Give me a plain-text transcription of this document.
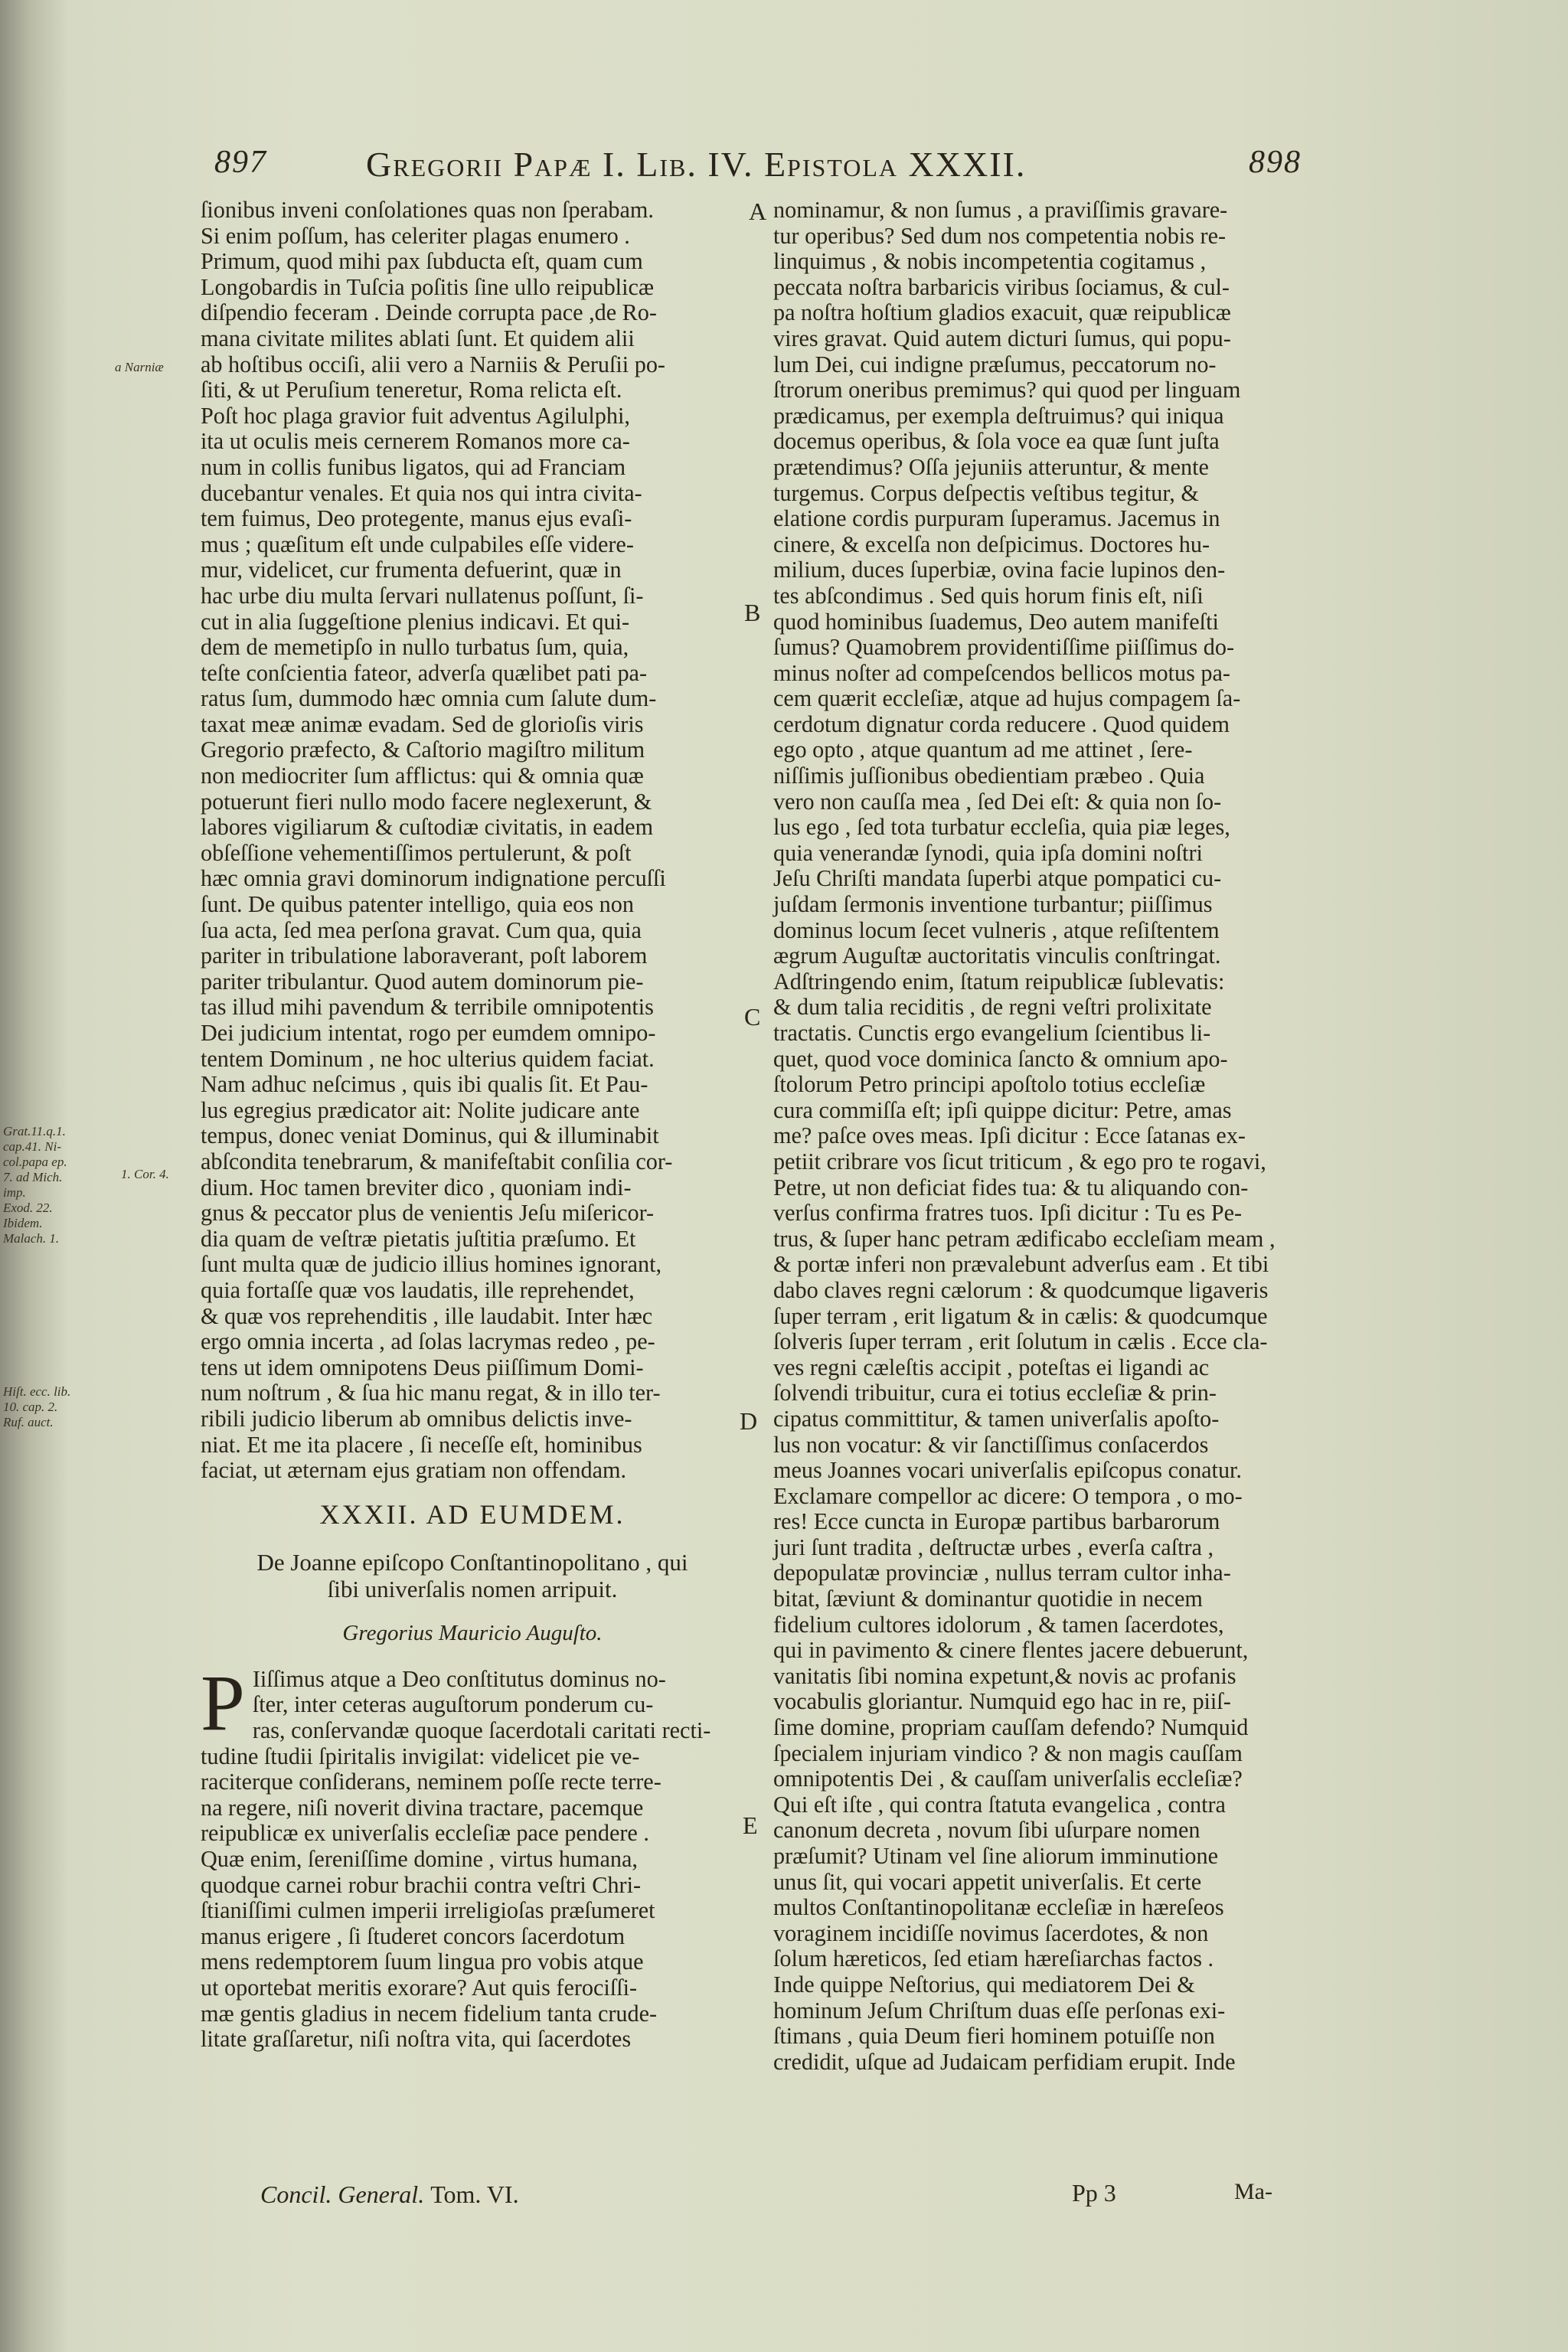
897	Gregorii Papæ I. Lib. IV. Epistola XXXII.	898
ſionibus inveni conſolationes quas non ſperabam.
Si enim poſſum, has celeriter plagas enumero .
Primum, quod mihi pax ſubducta eſt, quam cum
Longobardis in Tuſcia poſitis ſine ullo reipublicæ
diſpendio feceram . Deinde corrupta pace ,de Ro-
mana civitate milites ablati ſunt. Et quidem alii
ab hoſtibus occiſi, alii vero a Narniis & Peruſii po-
ſiti, & ut Peruſium teneretur, Roma relicta eſt.
Poſt hoc plaga gravior fuit adventus Agilulphi,
ita ut oculis meis cernerem Romanos more ca-
num in collis funibus ligatos, qui ad Franciam
ducebantur venales. Et quia nos qui intra civita-
tem fuimus, Deo protegente, manus ejus evaſi-
mus ; quæſitum eſt unde culpabiles eſſe videre-
mur, videlicet, cur frumenta defuerint, quæ in
hac urbe diu multa ſervari nullatenus poſſunt, ſi-
cut in alia ſuggeſtione plenius indicavi. Et qui-
dem de memetipſo in nullo turbatus ſum, quia,
teſte conſcientia fateor, adverſa quælibet pati pa-
ratus ſum, dummodo hæc omnia cum ſalute dum-
taxat meæ animæ evadam. Sed de glorioſis viris
Gregorio præfecto, & Caſtorio magiſtro militum
non mediocriter ſum afflictus: qui & omnia quæ
potuerunt fieri nullo modo facere neglexerunt, &
labores vigiliarum & cuſtodiæ civitatis, in eadem
obſeſſione vehementiſſimos pertulerunt, & poſt
hæc omnia gravi dominorum indignatione percuſſi
ſunt. De quibus patenter intelligo, quia eos non
ſua acta, ſed mea perſona gravat. Cum qua, quia
pariter in tribulatione laboraverant, poſt laborem
pariter tribulantur. Quod autem dominorum pie-
tas illud mihi pavendum & terribile omnipotentis
Dei judicium intentat, rogo per eumdem omnipo-
tentem Dominum , ne hoc ulterius quidem faciat.
Nam adhuc neſcimus , quis ibi qualis ſit. Et Pau-
lus egregius prædicator ait: Nolite judicare ante
tempus, donec veniat Dominus, qui & illuminabit
abſcondita tenebrarum, & manifeſtabit conſilia cor-
dium. Hoc tamen breviter dico , quoniam indi-
gnus & peccator plus de venientis Jeſu miſericor-
dia quam de veſtræ pietatis juſtitia præſumo. Et
ſunt multa quæ de judicio illius homines ignorant,
quia fortaſſe quæ vos laudatis, ille reprehendet,
& quæ vos reprehenditis , ille laudabit. Inter hæc
ergo omnia incerta , ad ſolas lacrymas redeo , pe-
tens ut idem omnipotens Deus piiſſimum Domi-
num noſtrum , & ſua hic manu regat, & in illo ter-
ribili judicio liberum ab omnibus delictis inve-
niat. Et me ita placere , ſi neceſſe eſt, hominibus
faciat, ut æternam ejus gratiam non offendam.
XXXII. AD EUMDEM.
De Joanne epiſcopo Conſtantinopolitano , qui
ſibi univerſalis nomen arripuit.
Gregorius Mauricio Auguſto.
P Iiſſimus atque a Deo conſtitutus dominus no-
ſter, inter ceteras auguſtorum ponderum cu-
ras, conſervandæ quoque ſacerdotali caritati recti-
tudine ſtudii ſpiritalis invigilat: videlicet pie ve-
raciterque conſiderans, neminem poſſe recte terre-
na regere, niſi noverit divina tractare, pacemque
reipublicæ ex univerſalis eccleſiæ pace pendere .
Quæ enim, ſereniſſime domine , virtus humana,
quodque carnei robur brachii contra veſtri Chri-
ſtianiſſimi culmen imperii irreligioſas præſumeret
manus erigere , ſi ſtuderet concors ſacerdotum
mens redemptorem ſuum lingua pro vobis atque
ut oportebat meritis exorare? Aut quis ferociſſi-
mæ gentis gladius in necem fidelium tanta crude-
litate graſſaretur, niſi noſtra vita, qui ſacerdotes
nominamur, & non ſumus , a praviſſimis gravare-
tur operibus? Sed dum nos competentia nobis re-
linquimus , & nobis incompetentia cogitamus ,
peccata noſtra barbaricis viribus ſociamus, & cul-
pa noſtra hoſtium gladios exacuit, quæ reipublicæ
vires gravat. Quid autem dicturi ſumus, qui popu-
lum Dei, cui indigne præſumus, peccatorum no-
ſtrorum oneribus premimus? qui quod per linguam
prædicamus, per exempla deſtruimus? qui iniqua
docemus operibus, & ſola voce ea quæ ſunt juſta
prætendimus? Oſſa jejuniis atteruntur, & mente
turgemus. Corpus deſpectis veſtibus tegitur, &
elatione cordis purpuram ſuperamus. Jacemus in
cinere, & excelſa non deſpicimus. Doctores hu-
milium, duces ſuperbiæ, ovina facie lupinos den-
tes abſcondimus . Sed quis horum finis eſt, niſi
quod hominibus ſuademus, Deo autem manifeſti
ſumus? Quamobrem providentiſſime piiſſimus do-
minus noſter ad compeſcendos bellicos motus pa-
cem quærit eccleſiæ, atque ad hujus compagem ſa-
cerdotum dignatur corda reducere . Quod quidem
ego opto , atque quantum ad me attinet , ſere-
niſſimis juſſionibus obedientiam præbeo . Quia
vero non cauſſa mea , ſed Dei eſt: & quia non ſo-
lus ego , ſed tota turbatur eccleſia, quia piæ leges,
quia venerandæ ſynodi, quia ipſa domini noſtri
Jeſu Chriſti mandata ſuperbi atque pompatici cu-
juſdam ſermonis inventione turbantur; piiſſimus
dominus locum ſecet vulneris , atque reſiſtentem
ægrum Auguſtæ auctoritatis vinculis conſtringat.
Adſtringendo enim, ſtatum reipublicæ ſublevatis:
& dum talia reciditis , de regni veſtri prolixitate
tractatis. Cunctis ergo evangelium ſcientibus li-
quet, quod voce dominica ſancto & omnium apo-
ſtolorum Petro principi apoſtolo totius eccleſiæ
cura commiſſa eſt; ipſi quippe dicitur: Petre, amas
me? paſce oves meas. Ipſi dicitur : Ecce ſatanas ex-
petiit cribrare vos ſicut triticum , & ego pro te rogavi,
Petre, ut non deficiat fides tua: & tu aliquando con-
verſus confirma fratres tuos. Ipſi dicitur : Tu es Pe-
trus, & ſuper hanc petram ædificabo eccleſiam meam ,
& portæ inferi non prævalebunt adverſus eam . Et tibi
dabo claves regni cælorum : & quodcumque ligaveris
ſuper terram , erit ligatum & in cælis: & quodcumque
ſolveris ſuper terram , erit ſolutum in cælis . Ecce cla-
ves regni cæleſtis accipit , poteſtas ei ligandi ac
ſolvendi tribuitur, cura ei totius eccleſiæ & prin-
cipatus committitur, & tamen univerſalis apoſto-
lus non vocatur: & vir ſanctiſſimus conſacerdos
meus Joannes vocari univerſalis epiſcopus conatur.
Exclamare compellor ac dicere: O tempora , o mo-
res! Ecce cuncta in Europæ partibus barbarorum
juri ſunt tradita , deſtructæ urbes , everſa caſtra ,
depopulatæ provinciæ , nullus terram cultor inha-
bitat, ſæviunt & dominantur quotidie in necem
fidelium cultores idolorum , & tamen ſacerdotes,
qui in pavimento & cinere flentes jacere debuerunt,
vanitatis ſibi nomina expetunt,& novis ac profanis
vocabulis gloriantur. Numquid ego hac in re, piiſ-
ſime domine, propriam cauſſam defendo? Numquid
ſpecialem injuriam vindico ? & non magis cauſſam
omnipotentis Dei , & cauſſam univerſalis eccleſiæ?
Qui eſt iſte , qui contra ſtatuta evangelica , contra
canonum decreta , novum ſibi uſurpare nomen
præſumit? Utinam vel ſine aliorum imminutione
unus ſit, qui vocari appetit univerſalis. Et certe
multos Conſtantinopolitanæ eccleſiæ in hæreſeos
voraginem incidiſſe novimus ſacerdotes, & non
ſolum hæreticos, ſed etiam hæreſiarchas factos .
Inde quippe Neſtorius, qui mediatorem Dei &
hominum Jeſum Chriſtum duas eſſe perſonas exi-
ſtimans , quia Deum fieri hominem potuiſſe non
credidit, uſque ad Judaicam perfidiam erupit. Inde
A
B
C
D
E
a Narniæ
1. Cor. 4.
Grat.11.q.1.
cap.41. Ni-
col.papa ep.
7. ad Mich.
imp.
Exod. 22.
Ibidem.
Malach. 1.
Hiſt. ecc. lib.
10. cap. 2.
Ruf. auct.
Concil. General. Tom. VI.	Pp 3	Ma-
